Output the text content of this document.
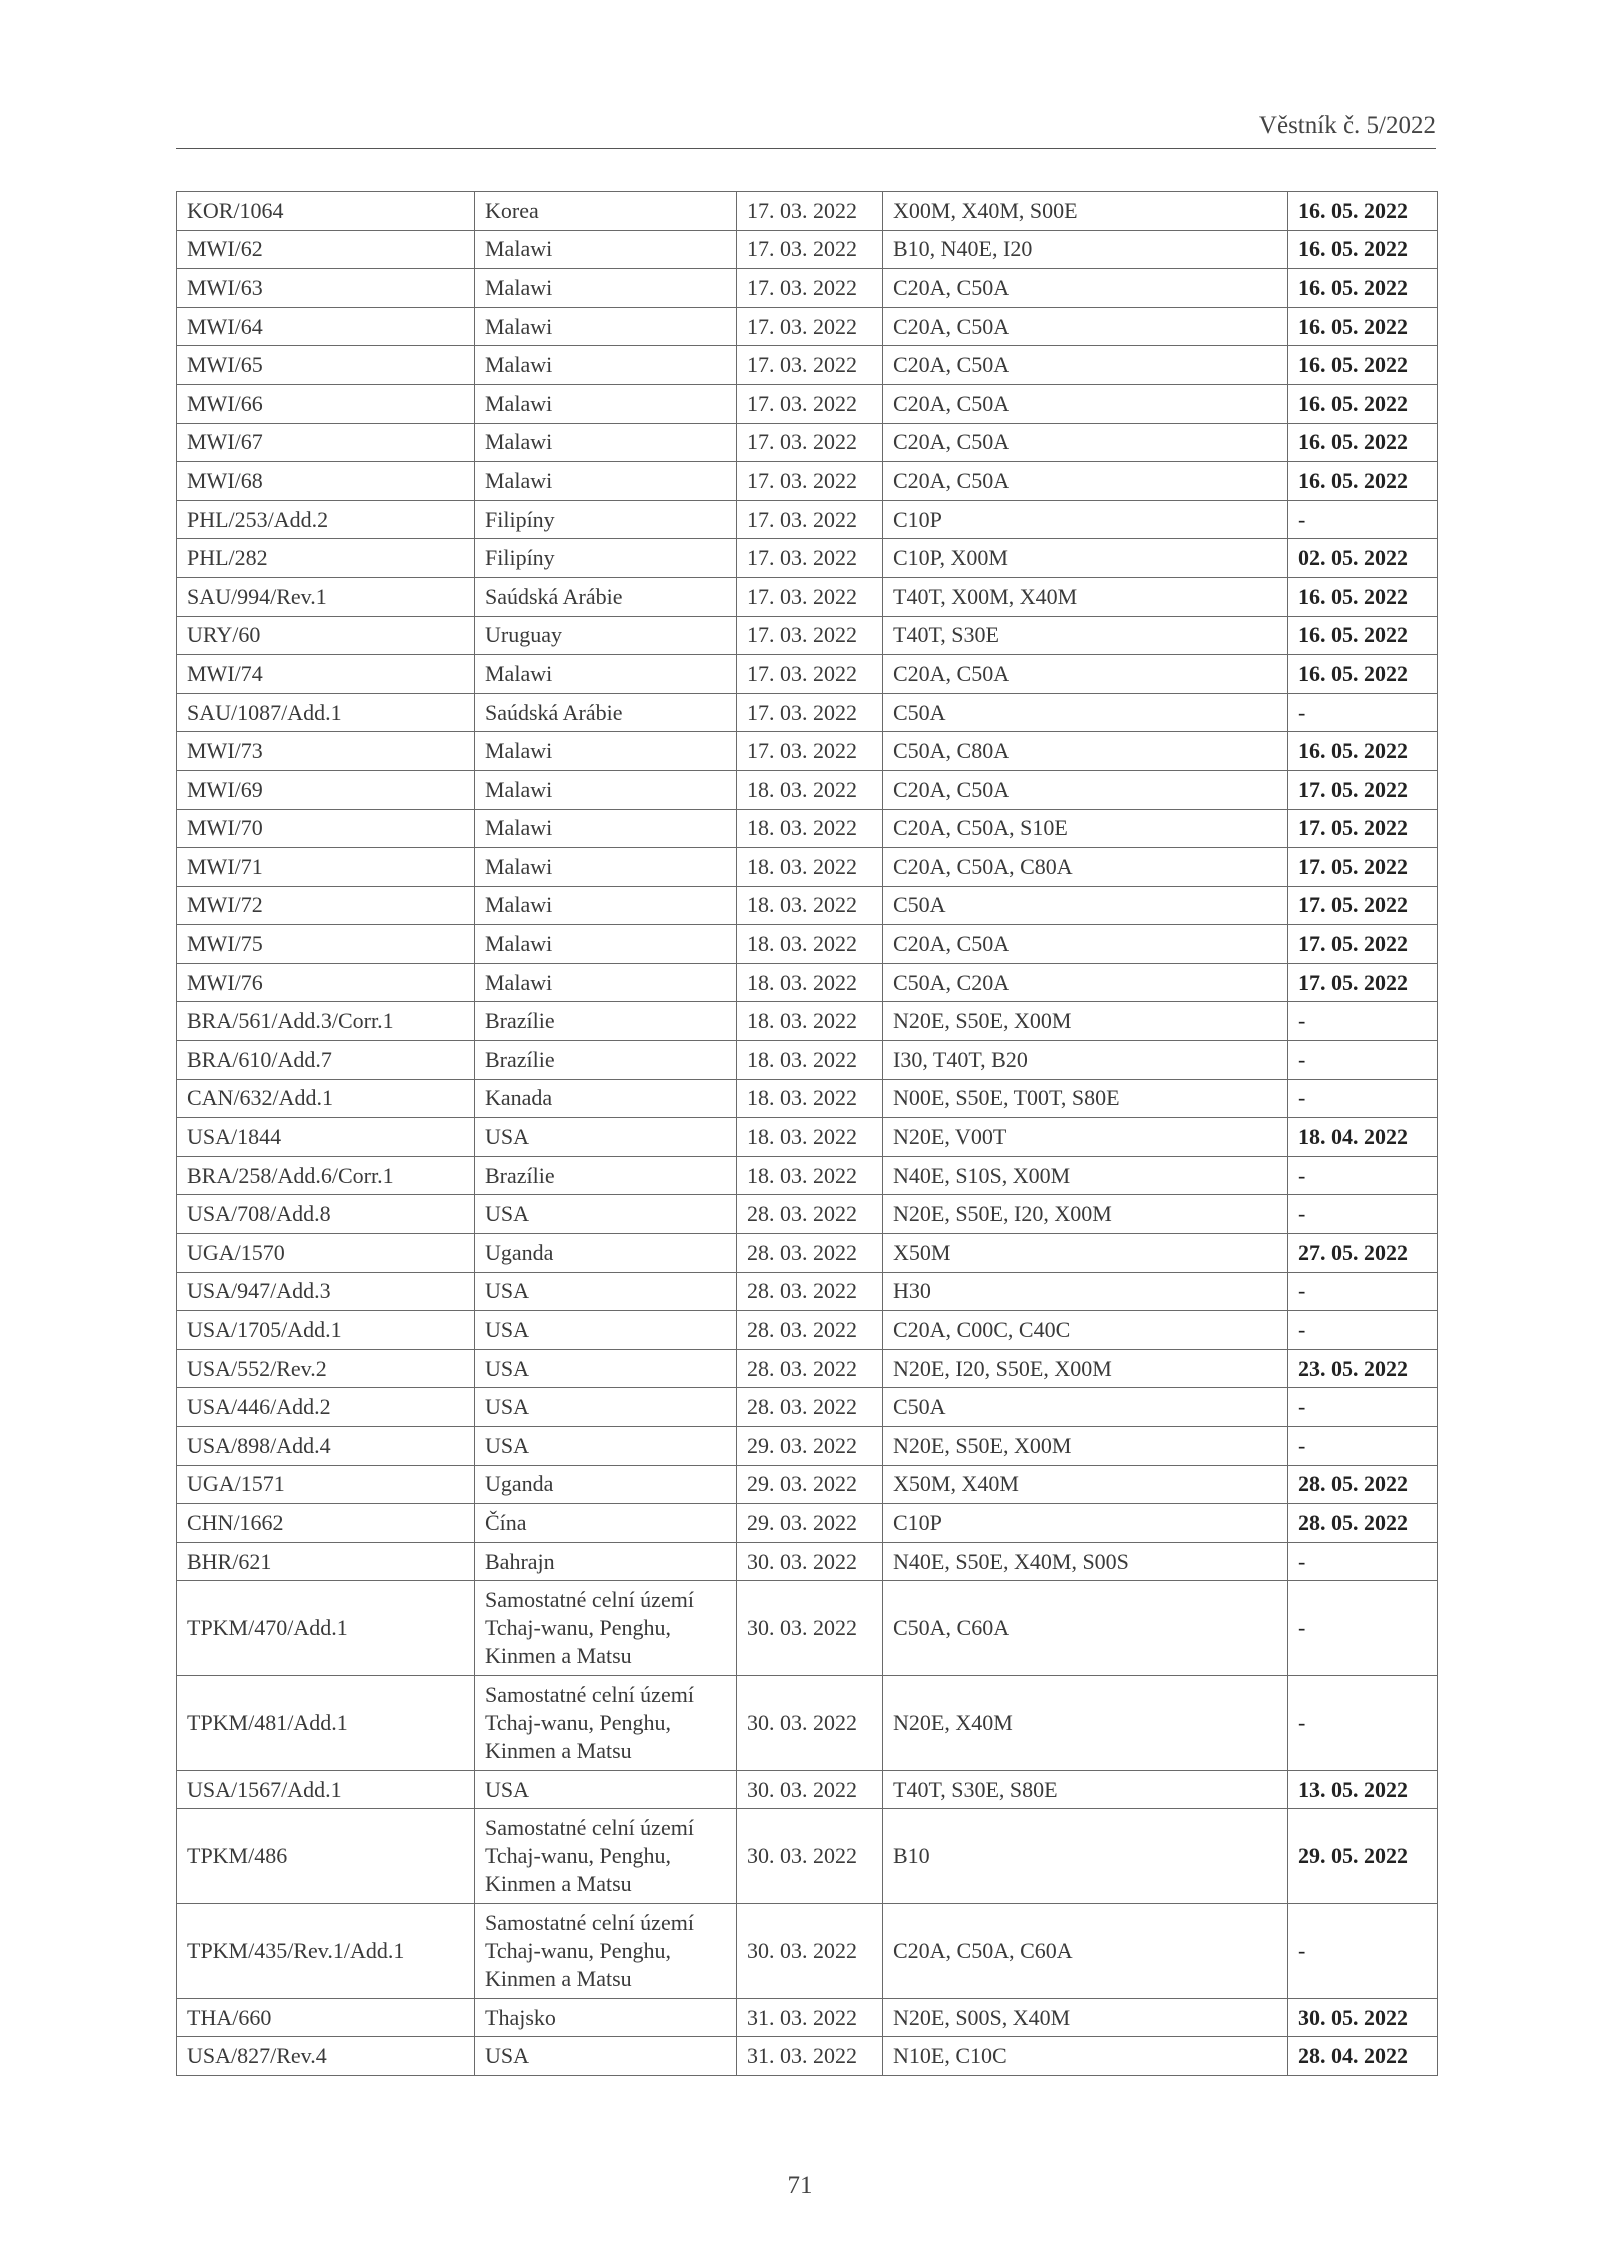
Věstník č. 5/2022
KOR/1064	Korea	17. 03. 2022	X00M, X40M, S00E	16. 05. 2022
MWI/62	Malawi	17. 03. 2022	B10, N40E, I20	16. 05. 2022
MWI/63	Malawi	17. 03. 2022	C20A, C50A	16. 05. 2022
MWI/64	Malawi	17. 03. 2022	C20A, C50A	16. 05. 2022
MWI/65	Malawi	17. 03. 2022	C20A, C50A	16. 05. 2022
MWI/66	Malawi	17. 03. 2022	C20A, C50A	16. 05. 2022
MWI/67	Malawi	17. 03. 2022	C20A, C50A	16. 05. 2022
MWI/68	Malawi	17. 03. 2022	C20A, C50A	16. 05. 2022
PHL/253/Add.2	Filipíny	17. 03. 2022	C10P	-
PHL/282	Filipíny	17. 03. 2022	C10P, X00M	02. 05. 2022
SAU/994/Rev.1	Saúdská Arábie	17. 03. 2022	T40T, X00M, X40M	16. 05. 2022
URY/60	Uruguay	17. 03. 2022	T40T, S30E	16. 05. 2022
MWI/74	Malawi	17. 03. 2022	C20A, C50A	16. 05. 2022
SAU/1087/Add.1	Saúdská Arábie	17. 03. 2022	C50A	-
MWI/73	Malawi	17. 03. 2022	C50A, C80A	16. 05. 2022
MWI/69	Malawi	18. 03. 2022	C20A, C50A	17. 05. 2022
MWI/70	Malawi	18. 03. 2022	C20A, C50A, S10E	17. 05. 2022
MWI/71	Malawi	18. 03. 2022	C20A, C50A, C80A	17. 05. 2022
MWI/72	Malawi	18. 03. 2022	C50A	17. 05. 2022
MWI/75	Malawi	18. 03. 2022	C20A, C50A	17. 05. 2022
MWI/76	Malawi	18. 03. 2022	C50A, C20A	17. 05. 2022
BRA/561/Add.3/Corr.1	Brazílie	18. 03. 2022	N20E, S50E, X00M	-
BRA/610/Add.7	Brazílie	18. 03. 2022	I30, T40T, B20	-
CAN/632/Add.1	Kanada	18. 03. 2022	N00E, S50E, T00T, S80E	-
USA/1844	USA	18. 03. 2022	N20E, V00T	18. 04. 2022
BRA/258/Add.6/Corr.1	Brazílie	18. 03. 2022	N40E, S10S, X00M	-
USA/708/Add.8	USA	28. 03. 2022	N20E, S50E, I20, X00M	-
UGA/1570	Uganda	28. 03. 2022	X50M	27. 05. 2022
USA/947/Add.3	USA	28. 03. 2022	H30	-
USA/1705/Add.1	USA	28. 03. 2022	C20A, C00C, C40C	-
USA/552/Rev.2	USA	28. 03. 2022	N20E, I20, S50E, X00M	23. 05. 2022
USA/446/Add.2	USA	28. 03. 2022	C50A	-
USA/898/Add.4	USA	29. 03. 2022	N20E, S50E, X00M	-
UGA/1571	Uganda	29. 03. 2022	X50M, X40M	28. 05. 2022
CHN/1662	Čína	29. 03. 2022	C10P	28. 05. 2022
BHR/621	Bahrajn	30. 03. 2022	N40E, S50E, X40M, S00S	-
TPKM/470/Add.1	Samostatné celní území Tchaj-wanu, Penghu, Kinmen a Matsu	30. 03. 2022	C50A, C60A	-
TPKM/481/Add.1	Samostatné celní území Tchaj-wanu, Penghu, Kinmen a Matsu	30. 03. 2022	N20E, X40M	-
USA/1567/Add.1	USA	30. 03. 2022	T40T, S30E, S80E	13. 05. 2022
TPKM/486	Samostatné celní území Tchaj-wanu, Penghu, Kinmen a Matsu	30. 03. 2022	B10	29. 05. 2022
TPKM/435/Rev.1/Add.1	Samostatné celní území Tchaj-wanu, Penghu, Kinmen a Matsu	30. 03. 2022	C20A, C50A, C60A	-
THA/660	Thajsko	31. 03. 2022	N20E, S00S, X40M	30. 05. 2022
USA/827/Rev.4	USA	31. 03. 2022	N10E, C10C	28. 04. 2022
71
